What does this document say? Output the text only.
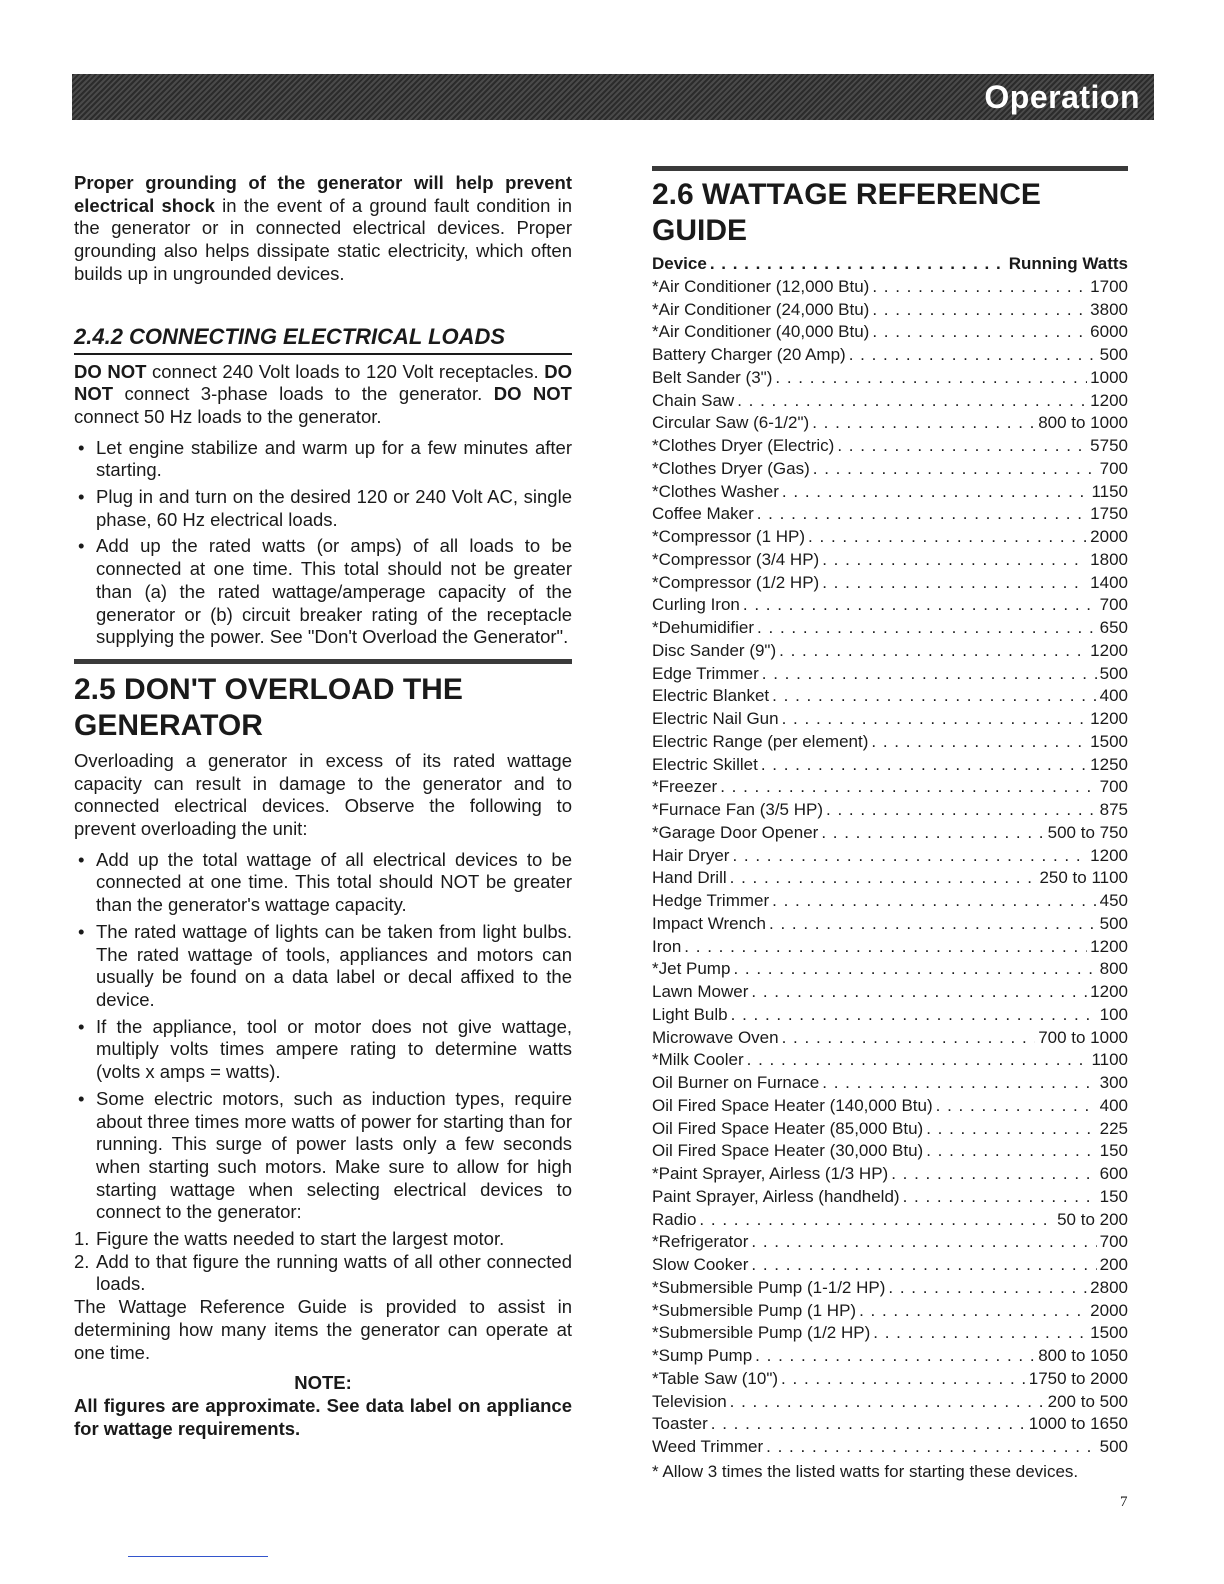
Operation

Proper grounding of the generator will help prevent electrical shock in the event of a ground fault condition in the generator or in connected electrical devices. Proper grounding also helps dissipate static electricity, which often builds up in ungrounded devices.

2.4.2 CONNECTING ELECTRICAL LOADS

DO NOT connect 240 Volt loads to 120 Volt receptacles. DO NOT connect 3-phase loads to the generator. DO NOT connect 50 Hz loads to the generator.

• Let engine stabilize and warm up for a few minutes after starting.
• Plug in and turn on the desired 120 or 240 Volt AC, single phase, 60 Hz electrical loads.
• Add up the rated watts (or amps) of all loads to be connected at one time. This total should not be greater than (a) the rated wattage/amperage capacity of the generator or (b) circuit breaker rating of the receptacle supplying the power. See "Don't Overload the Generator".
2.5 DON'T OVERLOAD THE GENERATOR

Overloading a generator in excess of its rated wattage capacity can result in damage to the generator and to connected electrical devices. Observe the following to prevent overloading the unit:

• Add up the total wattage of all electrical devices to be connected at one time. This total should NOT be greater than the generator's wattage capacity.
• The rated wattage of lights can be taken from light bulbs. The rated wattage of tools, appliances and motors can usually be found on a data label or decal affixed to the device.
• If the appliance, tool or motor does not give wattage, multiply volts times ampere rating to determine watts (volts x amps = watts).
• Some electric motors, such as induction types, require about three times more watts of power for starting than for running. This surge of power lasts only a few seconds when starting such motors. Make sure to allow for high starting wattage when selecting electrical devices to connect to the generator:
1. Figure the watts needed to start the largest motor.
2. Add to that figure the running watts of all other connected loads.

The Wattage Reference Guide is provided to assist in determining how many items the generator can operate at one time.

NOTE:
All figures are approximate. See data label on appliance for wattage requirements.
2.6 WATTAGE REFERENCE GUIDE
Device . . .	Running Watts
*Air Conditioner (12,000 Btu) . . .	1700
*Air Conditioner (24,000 Btu) . . .	3800
*Air Conditioner (40,000 Btu) . . .	6000
Battery Charger (20 Amp) . . .	500
Belt Sander (3") . . .	1000
Chain Saw . . .	1200
Circular Saw (6-1/2") . . .	800 to 1000
*Clothes Dryer (Electric) . . .	5750
*Clothes Dryer (Gas) . . .	700
*Clothes Washer . . .	1150
Coffee Maker . . .	1750
*Compressor (1 HP) . . .	2000
*Compressor (3/4 HP) . . .	1800
*Compressor (1/2 HP) . . .	1400
Curling Iron . . .	700
*Dehumidifier . . .	650
Disc Sander (9") . . .	1200
Edge Trimmer . . .	500
Electric Blanket . . .	400
Electric Nail Gun . . .	1200
Electric Range (per element) . . .	1500
Electric Skillet . . .	1250
*Freezer . . .	700
*Furnace Fan (3/5 HP) . . .	875
*Garage Door Opener . . .	500 to 750
Hair Dryer . . .	1200
Hand Drill . . .	250 to 1100
Hedge Trimmer . . .	450
Impact Wrench . . .	500
Iron . . .	1200
*Jet Pump . . .	800
Lawn Mower . . .	1200
Light Bulb . . .	100
Microwave Oven . . .	700 to 1000
*Milk Cooler . . .	1100
Oil Burner on Furnace . . .	300
Oil Fired Space Heater (140,000 Btu) . . .	400
Oil Fired Space Heater (85,000 Btu) . . .	225
Oil Fired Space Heater (30,000 Btu) . . .	150
*Paint Sprayer, Airless (1/3 HP) . . .	600
Paint Sprayer, Airless (handheld) . . .	150
Radio . . .	50 to 200
*Refrigerator . . .	700
Slow Cooker . . .	200
*Submersible Pump (1-1/2 HP) . . .	2800
*Submersible Pump (1 HP) . . .	2000
*Submersible Pump (1/2 HP) . . .	1500
*Sump Pump . . .	800 to 1050
*Table Saw (10") . . .	1750 to 2000
Television . . .	200 to 500
Toaster . . .	1000 to 1650
Weed Trimmer . . .	500
* Allow 3 times the listed watts for starting these devices.
7
